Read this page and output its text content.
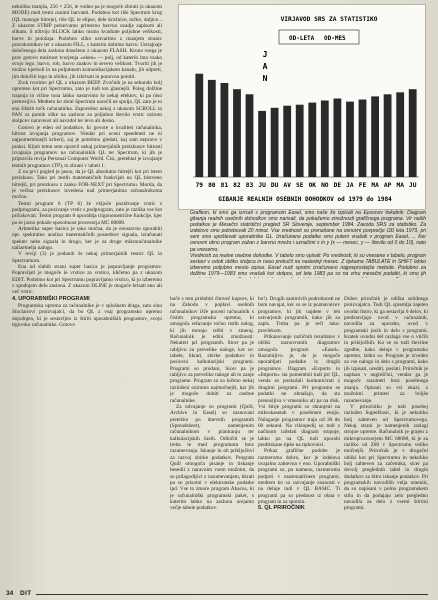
nekoliko manjša, 256 × 256, le vodno pa je mogoče zbirati (z ukazom MODE) med tremi osnimi barvami. Podobno kot rišе Spectrum krog (QL manoge hitreje), riše QL le elipse, dele krožnice, točke, daljice... Z ukazom STRIP pobarvamo primerno barvno ozadje zapisom ali slikam. S tržtvijo BLOCK lahko nismo kvadrate poljubne velikosti, barve in položaja. Podobno sliko ustvarimo z risanjem stranic pravokotnikov ter z ukazom FILL, s katerim dobimo barvo. Ustrajnaje dolečenega dela zaslona doseženo z ukazom FLASH. Krona vsega je prav gotovo možnost tvorjenja »oken« — polj, od katerih ima vsako svojo lego, barvo, rob, barvo znakov in severo velikost. Tvoriti jih je možno kjerkoli in na poljubnem komunikacijskem kanalu, jih odpreti, jim določiti lego in obliko, jih izbrisati in ponovno polniti.

Zrok tvorimo pri QL z ukazom BEEP. Zvočnik je na sekundo bolj opremen kot pri Spectrumu, zato je tudi ton glasnejši. Poleg dolžine trajanja in višine tona lahko nastavimo še nekaj efektov, ki pa niso pretresljivi. Medtem ko zbral Spectrum naročil ne spolja, QL zato je to ena šibkih točk računalnika. Zaporedno nekaj z ukazom SCROLL in PAN za pomik slike na zaslonu za poljubno število vrstic ozirom stolpcev naravnost ali navzdol ter levo ali desno.

Gotovo je eden od podatkov, ki govore o kvaliteti računalnika, hitrost izvajanja programov. Vendar pri oceni speedmeti ne ni najpomembnejši kriterij, saj je potrebno gledati, kaj sam nepravo v praksi. Kljub temu sem opravil nekaj primerjalnih preizkusov hitrosti izvajanja programov na računalnikih QL ter Spectrum, ki jih je pripravila revija Personal Computer World. Čisi, pretehtal je izvajanje testnih programov (TP), to zbrani v tabeli 1.

Z na prvi pogled je jasno, da je QL absolutno hitrejši kot pri istem preizkusu. Tako pri testih matematičnih funkcijah na QL bistveno hitrejši, pri preizkusu z zanko FOR-NEXT pri Spectrumu. Morda, da je večina preizkusov izvedena nad primerjanima računalnikoma močno.

Testni program 6 (TP 6) že vključe pozidvanje vrstic s podprogrami, za pozivanje vrstic s podprogram, zato je razlika vse kot pričakovati. Testni program 8 uporablja trigonometrične funkcije, kjer pa se jasno pokaže sposobnost procesorja MC 68008.

Arimetika super basica je tako močna, da je enostavno uporabiti npr. spektralno analizo matematičnih posnetkov signala, izračunati spekter neke signala in drugo, ker je za druge mikroračunalnike nalizemelja nalogo.

V reviji (3) je podanih še nekaj primerjalnih testov QL in Spectrumom.

Ena od slabih strani super basica je popravljanje programov. Popravljati je mogoče le vrstice za vrstico, kličemo pa z ukazom EDIT. Podobno kot pri Spectrumu popravljamo vrstico, ki jo izberemo v spodnjem delu zaslona. Z ukazom DLINE je mogoče brisati eno ali več vrstic.

4. UPORABNIŠKI PROGRAMI

Programska oprema za računalnike je v splošnem draga, zato sinu Sinclairovi proizvajalci, da bo QL z vsaj programsko opremo dopolnjen, ki je sestavljen iz štirih uporabniških programov, svojo trgovsko računalnike. Gotovo

VIRJAVOD SRS ZA STATISTIKO
OD-LETA OD-MES
J
A
N
79 80 81 82 83 JU DU AV SE OK NO DE JA FE MA AP MA JU
GIBANJE REALNIH OSEBNIH DOHODKOV od 1979 do 1984

Grafikon, ki smo ga izrisali s programom Easel, smo naše že izpisali na Epsonov tiskalnik: Diagram gibanja realnih osebnih dohodkov smo narisali, da pokažemo zmožnosti grafičnega programa. Vir naših podatkov je Mesečni statistični pregled SR Slovenije, september 1984. Zavoda SRS za statistiko. Za izdelovo smo potrebovali 20 minut. Vse vrednosti so prenašane na osnovni povprečje OD leta 1979, pri sem smo upoštevali uporabnike GL. Izračunane podatke smo potem vnašali v program Easel, ... Ker osnovni okno program zažan z barvno mrežo i označimi x in y (x — mesec, y — število od 0 do 10), nato pa vnesemo.

Vrednosti za realne osebne dohodke. V tabelo smo vpisali: Po vrednosti, ki so vnesene v tabelo, program sestavi v celoti obliko stolpca in naso prekučil na naslednji mesec. Z tipkama TABULATE in SHIFT lahko izberemo poljubno mesto izpisa. Easel nudi sprotni izračunano najpreprostejše metode. Podobno za dolžine 1979—1983 smo vnašali kot stolpce, od leta 1983 pa so na vrhu mesečni podatki, ki smo jih

hoče s tem pridobiti čimveč kupcev, ki na Zahodu v poplavi osebnih računalnikov išče poceni računalnik s čistim programsko opremo, ki omogoča rešavanje točno tistih nalog, ki jih morajo rešiti v zmeraj. Računalnik je edini zmožnosti: Nekateri pri programih. Sicer pa je rabljivo za prevelike naloge, kot so: tabele, hkrati, zbirke podatkov in poslovni kalkulacijski programi. Programi so prodani, Sicer pa je rabljivo za prevelike naloge ali to zanje programe. Program so so ločeno nekaj razloženi oziroma najmočnejši, kar jih je mogoče dobiti za osebne računalnike.

Za odvajanje so programi (Quill, Archive in Easel) so zasnovani pretežno po dnevnih programih (Spreadsheet), namenjenim računalnikom v planiranju ter kalkulacijskih časih. Odločiti se je treba le med programom brez razumevanja. Iskanje in ob priključitvi za razvoj zbirke podatkov. Program Quill omogoča pisanje in tiskanje besedil z naravnim vsem možnim, da so prilagodljivi z razumevanjem, hkrati pa so prisotni v elektronske podatke ipd. Vse to zmore program Abacus, ki je računalniški programski paket, s katerim lahko na zaslonu urejamo večje tabele podatkov.

bo!). Drugih zanimivih podrobnosti ne bom navajal, ker so se iz poznavalcev programov, ki jih najdete v teh ustvarjenih programih, kako jih za zapis. Treba pa je reči tako: pravlekom.

Prikazovanje različnih rezultatov v obliki raznovrstnih diagramov omogoča program »Easel«. Razumljivo je, da je mogoče uporabljati podatke iz drugih programov. Diagram »Exports in »Imports« sta pomembni tudi pri QL, venda so poskušali komunicirati z drugimi programi. Pri programu se podatki ne obnašajo, da sta prenosljiva v vmesniku ali pa na disk. Vsi štirje programi so shranjeni na mikrokasetah v posebnem etuiju. Nalaganje programov traja od 30 do 60 sekund. Na ciklopedij so tudi z načinom izdelati diagram stopnje, lahko pa na QL tudi uporabi predtiskane tipke na tipkovnici.

Prikaz grafične podobe je razmeroma dobro, ker je izdelava uvajalno zahtevna v eno. Uporabniški programi so, po namenu, razmeroma podprti v matematičnem programi, medtem ko so razvajanje znanosti v na deluje tudi v QL BASIC. Ti programi pa so prednost iz okna v program in za spomin.

5. QL PRIROČNIK

Dober priročnik je odlika solidnega proizvajalca. Tudi QL spremlja zajeten uvodni listov, ki ga sestavlja 6 delov, ki predstavljajo uvod v računalnik, navodila za uporabo, uvod v programski jezik in delo s programi. Kratek uvodni del razlaga vse o vtičih in priključkih. Ko se so tudi številne zgodbe, kako deluje v programsko opremo, lahko so. Program je izveden za vse nalogo in delo s programi, kako jih izpisati, urediti, poslati. Priročnik je napisan v angleščini, vendar ga je mogoče razumeti brez posebnega znanja. Opisani so vsi ukazi, z možnimi primeri za boljše razumevanje.

V priročniku je tudi posebej razložen SuperBasic, ki je nekoliko bolj zahteven od Spectrumovega. Nekaj strani je namenjenih razlagi strojne opreme. Računalnik je grajen z mikroprocesorjem MC 68008, ki je za razliko od Z80 v Spectrumu veliko močnejši. Priročnik je v drugačni obliki kot pri Spectrumu in nekoliko bolj zahteven za začetnika, sicer pa dovolj preglednih tabel in drugih dodatkov za hitro iskanje podatkov. Pri programskih navodilih velja omeniti, da so napisani v polno programskem stilu in da podajajo zelo pregledno navodila za delo z vsemi štirimi programi.

34 DIT
